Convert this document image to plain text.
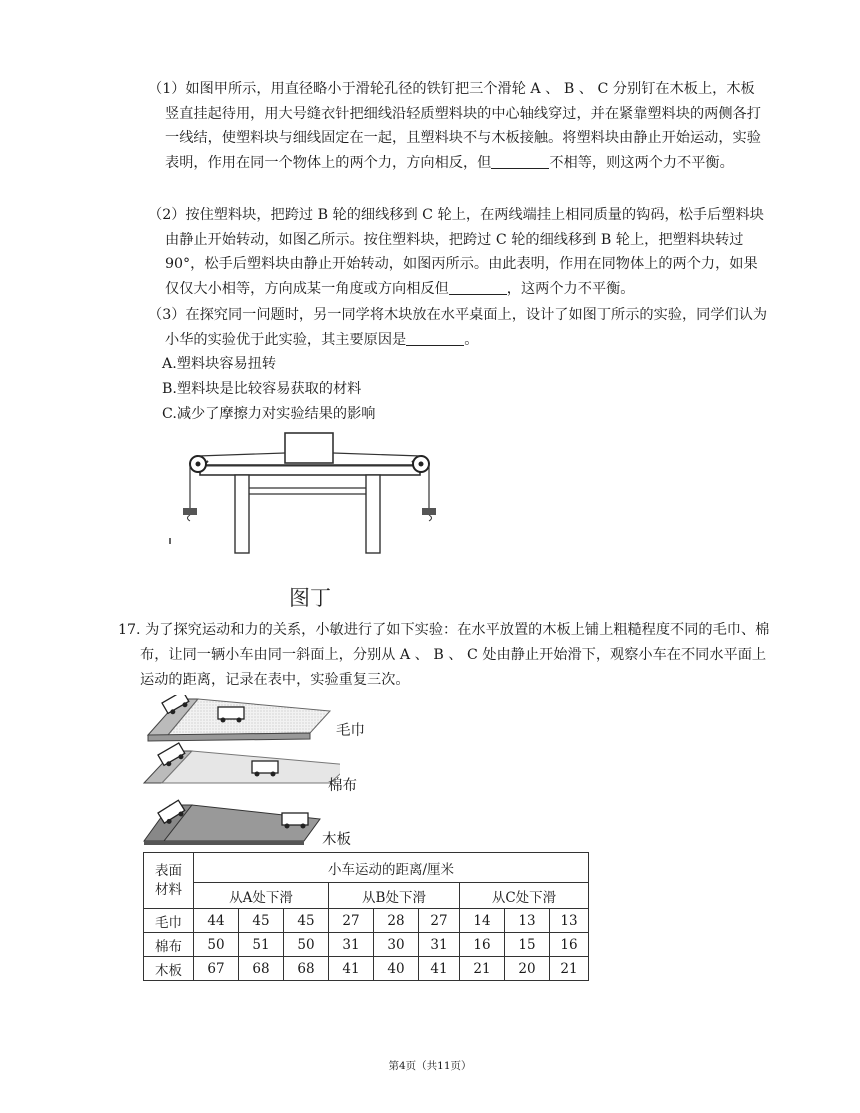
（1）如图甲所示，用直径略小于滑轮孔径的铁钉把三个滑轮 A 、 B 、 C 分别钉在木板上，木板竖直挂起待用，用大号缝衣针把细线沿轻质塑料块的中心轴线穿过，并在紧靠塑料块的两侧各打一线结，使塑料块与细线固定在一起，且塑料块不与木板接触。将塑料块由静止开始运动，实验表明，作用在同一个物体上的两个力，方向相反，但	不相等，则这两个力不平衡。
（2）按住塑料块，把跨过 B 轮的细线移到 C 轮上，在两线端挂上相同质量的钩码，松手后塑料块由静止开始转动，如图乙所示。按住塑料块，把跨过 C 轮的细线移到 B 轮上，把塑料块转过 90°，松手后塑料块由静止开始转动，如图丙所示。由此表明，作用在同物体上的两个力，如果仅仅大小相等，方向成某一角度或方向相反但	，这两个力不平衡。
（3）在探究同一问题时，另一同学将木块放在水平桌面上，设计了如图丁所示的实验，同学们认为小华的实验优于此实验，其主要原因是	。
A.塑料块容易扭转
B.塑料块是比较容易获取的材料
C.减少了摩擦力对实验结果的影响
图丁
17. 为了探究运动和力的关系，小敏进行了如下实验：在水平放置的木板上铺上粗糙程度不同的毛巾、棉布，让同一辆小车由同一斜面上，分别从 A 、 B 、 C 处由静止开始滑下，观察小车在不同水平面上运动的距离，记录在表中，实验重复三次。
毛巾
棉布
木板
表面
材料	小车运动的距离/厘米								
	从A处下滑			从B处下滑			从C处下滑		
毛巾	44	45	45	27	28	27	14	13	13
棉布	50	51	50	31	30	31	16	15	16
木板	67	68	68	41	40	41	21	20	21
第4页（共11页）
